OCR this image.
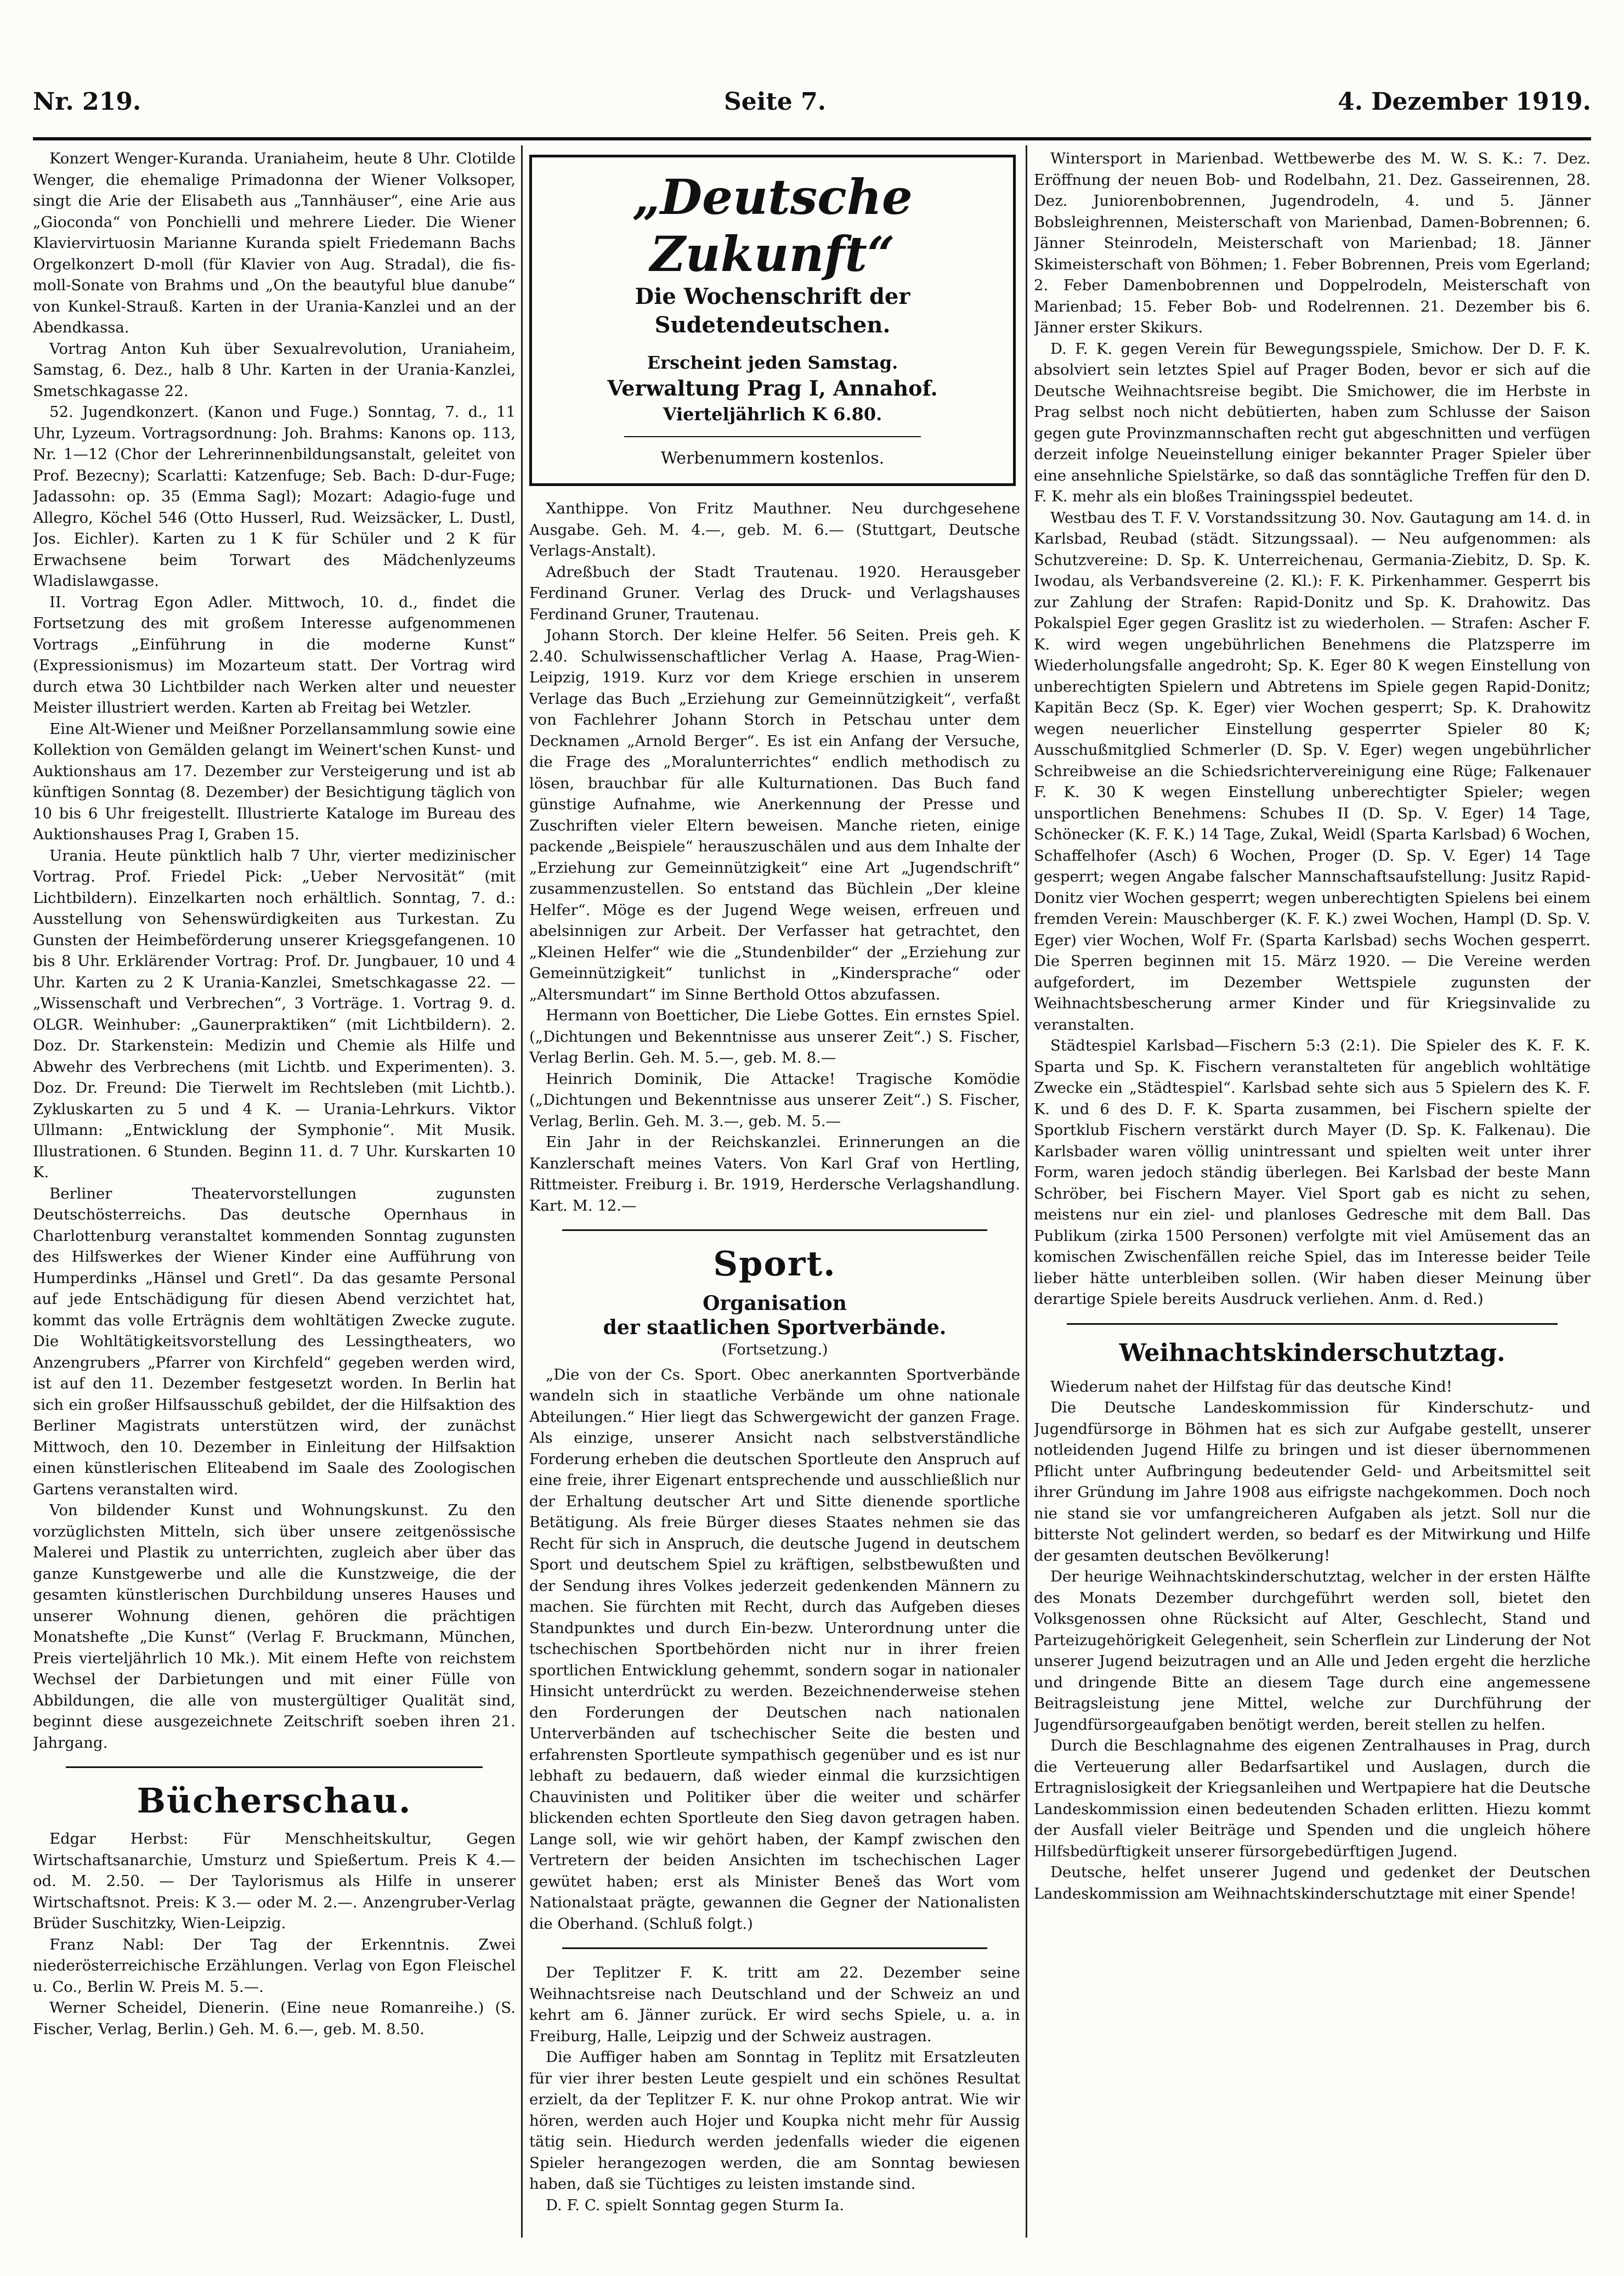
Nr. 219.	Seite 7.	4. Dezember 1919.

Konzert Wenger-Kuranda. Uraniaheim, heute 8 Uhr. Clotilde Wenger, die ehemalige Primadonna der Wiener Volksoper, singt die Arie der Elisabeth aus „Tannhäuser“, eine Arie aus „Gioconda“ von Ponchielli und mehrere Lieder. Die Wiener Klaviervirtuosin Marianne Kuranda spielt Friedemann Bachs Orgelkonzert D-moll (für Klavier von Aug. Stradal), die fis-moll-Sonate von Brahms und „On the beautyful blue danube“ von Kunkel-Strauß. Karten in der Urania-Kanzlei und an der Abendkassa.

Vortrag Anton Kuh über Sexualrevolution, Uraniaheim, Samstag, 6. Dez., halb 8 Uhr. Karten in der Urania-Kanzlei, Smetschkagasse 22.

52. Jugendkonzert. (Kanon und Fuge.) Sonntag, 7. d., 11 Uhr, Lyzeum. Vortragsordnung: Joh. Brahms: Kanons op. 113, Nr. 1—12 (Chor der Lehrerinnenbildungsanstalt, geleitet von Prof. Bezecny); Scarlatti: Katzenfuge; Seb. Bach: D-dur-Fuge; Jadassohn: op. 35 (Emma Sagl); Mozart: Adagio-fuge und Allegro, Köchel 546 (Otto Husserl, Rud. Weizsäcker, L. Dustl, Jos. Eichler). Karten zu 1 K für Schüler und 2 K für Erwachsene beim Torwart des Mädchenlyzeums Wladislawgasse.

II. Vortrag Egon Adler. Mittwoch, 10. d., findet die Fortsetzung des mit großem Interesse aufgenommenen Vortrags „Einführung in die moderne Kunst“ (Expressionismus) im Mozarteum statt. Der Vortrag wird durch etwa 30 Lichtbilder nach Werken alter und neuester Meister illustriert werden. Karten ab Freitag bei Wetzler.

Eine Alt-Wiener und Meißner Porzellansammlung sowie eine Kollektion von Gemälden gelangt im Weinert'schen Kunst- und Auktionshaus am 17. Dezember zur Versteigerung und ist ab künftigen Sonntag (8. Dezember) der Besichtigung täglich von 10 bis 6 Uhr freigestellt. Illustrierte Kataloge im Bureau des Auktionshauses Prag I, Graben 15.

Urania. Heute pünktlich halb 7 Uhr, vierter medizinischer Vortrag. Prof. Friedel Pick: „Ueber Nervosität“ (mit Lichtbildern). Einzelkarten noch erhältlich. Sonntag, 7. d.: Ausstellung von Sehenswürdigkeiten aus Turkestan. Zu Gunsten der Heimbeförderung unserer Kriegsgefangenen. 10 bis 8 Uhr. Erklärender Vortrag: Prof. Dr. Jungbauer, 10 und 4 Uhr. Karten zu 2 K Urania-Kanzlei, Smetschkagasse 22. — „Wissenschaft und Verbrechen“, 3 Vorträge. 1. Vortrag 9. d. OLGR. Weinhuber: „Gaunerpraktiken“ (mit Lichtbildern). 2. Doz. Dr. Starkenstein: Medizin und Chemie als Hilfe und Abwehr des Verbrechens (mit Lichtb. und Experimenten). 3. Doz. Dr. Freund: Die Tierwelt im Rechtsleben (mit Lichtb.). Zykluskarten zu 5 und 4 K. — Urania-Lehrkurs. Viktor Ullmann: „Entwicklung der Symphonie“. Mit Musik. Illustrationen. 6 Stunden. Beginn 11. d. 7 Uhr. Kurskarten 10 K.

Berliner Theatervorstellungen zugunsten Deutschösterreichs. Das deutsche Opernhaus in Charlottenburg veranstaltet kommenden Sonntag zugunsten des Hilfswerkes der Wiener Kinder eine Aufführung von Humperdinks „Hänsel und Gretl“. Da das gesamte Personal auf jede Entschädigung für diesen Abend verzichtet hat, kommt das volle Erträgnis dem wohltätigen Zwecke zugute. Die Wohltätigkeitsvorstellung des Lessingtheaters, wo Anzengrubers „Pfarrer von Kirchfeld“ gegeben werden wird, ist auf den 11. Dezember festgesetzt worden. In Berlin hat sich ein großer Hilfsausschuß gebildet, der die Hilfsaktion des Berliner Magistrats unterstützen wird, der zunächst Mittwoch, den 10. Dezember in Einleitung der Hilfsaktion einen künstlerischen Eliteabend im Saale des Zoologischen Gartens veranstalten wird.

Von bildender Kunst und Wohnungskunst. Zu den vorzüglichsten Mitteln, sich über unsere zeitgenössische Malerei und Plastik zu unterrichten, zugleich aber über das ganze Kunstgewerbe und alle die Kunstzweige, die der gesamten künstlerischen Durchbildung unseres Hauses und unserer Wohnung dienen, gehören die prächtigen Monatshefte „Die Kunst“ (Verlag F. Bruckmann, München, Preis vierteljährlich 10 Mk.). Mit einem Hefte von reichstem Wechsel der Darbietungen und mit einer Fülle von Abbildungen, die alle von mustergültiger Qualität sind, beginnt diese ausgezeichnete Zeitschrift soeben ihren 21. Jahrgang.

Bücherschau.

Edgar Herbst: Für Menschheitskultur, Gegen Wirtschaftsanarchie, Umsturz und Spießertum. Preis K 4.— od. M. 2.50. — Der Taylorismus als Hilfe in unserer Wirtschaftsnot. Preis: K 3.— oder M. 2.—. Anzengruber-Verlag Brüder Suschitzky, Wien-Leipzig.

Franz Nabl: Der Tag der Erkenntnis. Zwei niederösterreichische Erzählungen. Verlag von Egon Fleischel u. Co., Berlin W. Preis M. 5.—.

Werner Scheidel, Dienerin. (Eine neue Romanreihe.) (S. Fischer, Verlag, Berlin.) Geh. M. 6.—, geb. M. 8.50.

„Deutsche Zukunft“
Die Wochenschrift der Sudetendeutschen.
Erscheint jeden Samstag.
Verwaltung Prag I, Annahof.
Vierteljährlich K 6.80.
Werbenummern kostenlos.

Xanthippe. Von Fritz Mauthner. Neu durchgesehene Ausgabe. Geh. M. 4.—, geb. M. 6.— (Stuttgart, Deutsche Verlags-Anstalt).

Adreßbuch der Stadt Trautenau. 1920. Herausgeber Ferdinand Gruner. Verlag des Druck- und Verlagshauses Ferdinand Gruner, Trautenau.

Johann Storch. Der kleine Helfer. 56 Seiten. Preis geh. K 2.40. Schulwissenschaftlicher Verlag A. Haase, Prag-Wien-Leipzig, 1919. Kurz vor dem Kriege erschien in unserem Verlage das Buch „Erziehung zur Gemeinnützigkeit“, verfaßt von Fachlehrer Johann Storch in Petschau unter dem Decknamen „Arnold Berger“. Es ist ein Anfang der Versuche, die Frage des „Moralunterrichtes“ endlich methodisch zu lösen, brauchbar für alle Kulturnationen. Das Buch fand günstige Aufnahme, wie Anerkennung der Presse und Zuschriften vieler Eltern beweisen. Manche rieten, einige packende „Beispiele“ herauszuschälen und aus dem Inhalte der „Erziehung zur Gemeinnützigkeit“ eine Art „Jugendschrift“ zusammenzustellen. So entstand das Büchlein „Der kleine Helfer“. Möge es der Jugend Wege weisen, erfreuen und abelsinnigen zur Arbeit. Der Verfasser hat getrachtet, den „Kleinen Helfer“ wie die „Stundenbilder“ der „Erziehung zur Gemeinnützigkeit“ tunlichst in „Kindersprache“ oder „Altersmundart“ im Sinne Berthold Ottos abzufassen.

Hermann von Boetticher, Die Liebe Gottes. Ein ernstes Spiel. („Dichtungen und Bekenntnisse aus unserer Zeit“.) S. Fischer, Verlag Berlin. Geh. M. 5.—, geb. M. 8.—

Heinrich Dominik, Die Attacke! Tragische Komödie („Dichtungen und Bekenntnisse aus unserer Zeit“.) S. Fischer, Verlag, Berlin. Geh. M. 3.—, geb. M. 5.—

Ein Jahr in der Reichskanzlei. Erinnerungen an die Kanzlerschaft meines Vaters. Von Karl Graf von Hertling, Rittmeister. Freiburg i. Br. 1919, Herdersche Verlagshandlung. Kart. M. 12.—

Sport.
Organisation
der staatlichen Sportverbände.
(Fortsetzung.)

„Die von der Cs. Sport. Obec anerkannten Sportverbände wandeln sich in staatliche Verbände um ohne nationale Abteilungen.“ Hier liegt das Schwergewicht der ganzen Frage. Als einzige, unserer Ansicht nach selbstverständliche Forderung erheben die deutschen Sportleute den Anspruch auf eine freie, ihrer Eigenart entsprechende und ausschließlich nur der Erhaltung deutscher Art und Sitte dienende sportliche Betätigung. Als freie Bürger dieses Staates nehmen sie das Recht für sich in Anspruch, die deutsche Jugend in deutschem Sport und deutschem Spiel zu kräftigen, selbstbewußten und der Sendung ihres Volkes jederzeit gedenkenden Männern zu machen. Sie fürchten mit Recht, durch das Aufgeben dieses Standpunktes und durch Ein-bezw. Unterordnung unter die tschechischen Sportbehörden nicht nur in ihrer freien sportlichen Entwicklung gehemmt, sondern sogar in nationaler Hinsicht unterdrückt zu werden. Bezeichnenderweise stehen den Forderungen der Deutschen nach nationalen Unterverbänden auf tschechischer Seite die besten und erfahrensten Sportleute sympathisch gegenüber und es ist nur lebhaft zu bedauern, daß wieder einmal die kurzsichtigen Chauvinisten und Politiker über die weiter und schärfer blickenden echten Sportleute den Sieg davon getragen haben. Lange soll, wie wir gehört haben, der Kampf zwischen den Vertretern der beiden Ansichten im tschechischen Lager gewütet haben; erst als Minister Beneš das Wort vom Nationalstaat prägte, gewannen die Gegner der Nationalisten die Oberhand. (Schluß folgt.)

Der Teplitzer F. K. tritt am 22. Dezember seine Weihnachtsreise nach Deutschland und der Schweiz an und kehrt am 6. Jänner zurück. Er wird sechs Spiele, u. a. in Freiburg, Halle, Leipzig und der Schweiz austragen.

Die Auffiger haben am Sonntag in Teplitz mit Ersatzleuten für vier ihrer besten Leute gespielt und ein schönes Resultat erzielt, da der Teplitzer F. K. nur ohne Prokop antrat. Wie wir hören, werden auch Hojer und Koupka nicht mehr für Aussig tätig sein. Hiedurch werden jedenfalls wieder die eigenen Spieler herangezogen werden, die am Sonntag bewiesen haben, daß sie Tüchtiges zu leisten imstande sind.

D. F. C. spielt Sonntag gegen Sturm Ia.

Wintersport in Marienbad. Wettbewerbe des M. W. S. K.: 7. Dez. Eröffnung der neuen Bob- und Rodelbahn, 21. Dez. Gasseirennen, 28. Dez. Juniorenbobrennen, Jugendrodeln, 4. und 5. Jänner Bobsleighrennen, Meisterschaft von Marienbad, Damen-Bobrennen; 6. Jänner Steinrodeln, Meisterschaft von Marienbad; 18. Jänner Skimeisterschaft von Böhmen; 1. Feber Bobrennen, Preis vom Egerland; 2. Feber Damenbobrennen und Doppelrodeln, Meisterschaft von Marienbad; 15. Feber Bob- und Rodelrennen. 21. Dezember bis 6. Jänner erster Skikurs.

D. F. K. gegen Verein für Bewegungsspiele, Smichow. Der D. F. K. absolviert sein letztes Spiel auf Prager Boden, bevor er sich auf die Deutsche Weihnachtsreise begibt. Die Smichower, die im Herbste in Prag selbst noch nicht debütierten, haben zum Schlusse der Saison gegen gute Provinzmannschaften recht gut abgeschnitten und verfügen derzeit infolge Neueinstellung einiger bekannter Prager Spieler über eine ansehnliche Spielstärke, so daß das sonntägliche Treffen für den D. F. K. mehr als ein bloßes Trainingsspiel bedeutet.

Westbau des T. F. V. Vorstandssitzung 30. Nov. Gautagung am 14. d. in Karlsbad, Reubad (städt. Sitzungssaal). — Neu aufgenommen: als Schutzvereine: D. Sp. K. Unterreichenau, Germania-Ziebitz, D. Sp. K. Iwodau, als Verbandsvereine (2. Kl.): F. K. Pirkenhammer. Gesperrt bis zur Zahlung der Strafen: Rapid-Donitz und Sp. K. Drahowitz. Das Pokalspiel Eger gegen Graslitz ist zu wiederholen. — Strafen: Ascher F. K. wird wegen ungebührlichen Benehmens die Platzsperre im Wiederholungsfalle angedroht; Sp. K. Eger 80 K wegen Einstellung von unberechtigten Spielern und Abtretens im Spiele gegen Rapid-Donitz; Kapitän Becz (Sp. K. Eger) vier Wochen gesperrt; Sp. K. Drahowitz wegen neuerlicher Einstellung gesperrter Spieler 80 K; Ausschußmitglied Schmerler (D. Sp. V. Eger) wegen ungebührlicher Schreibweise an die Schiedsrichtervereinigung eine Rüge; Falkenauer F. K. 30 K wegen Einstellung unberechtigter Spieler; wegen unsportlichen Benehmens: Schubes II (D. Sp. V. Eger) 14 Tage, Schönecker (K. F. K.) 14 Tage, Zukal, Weidl (Sparta Karlsbad) 6 Wochen, Schaffelhofer (Asch) 6 Wochen, Proger (D. Sp. V. Eger) 14 Tage gesperrt; wegen Angabe falscher Mannschaftsaufstellung: Jusitz Rapid-Donitz vier Wochen gesperrt; wegen unberechtigten Spielens bei einem fremden Verein: Mauschberger (K. F. K.) zwei Wochen, Hampl (D. Sp. V. Eger) vier Wochen, Wolf Fr. (Sparta Karlsbad) sechs Wochen gesperrt. Die Sperren beginnen mit 15. März 1920. — Die Vereine werden aufgefordert, im Dezember Wettspiele zugunsten der Weihnachtsbescherung armer Kinder und für Kriegsinvalide zu veranstalten.

Städtespiel Karlsbad—Fischern 5:3 (2:1). Die Spieler des K. F. K. Sparta und Sp. K. Fischern veranstalteten für angeblich wohltätige Zwecke ein „Städtespiel“. Karlsbad sehte sich aus 5 Spielern des K. F. K. und 6 des D. F. K. Sparta zusammen, bei Fischern spielte der Sportklub Fischern verstärkt durch Mayer (D. Sp. K. Falkenau). Die Karlsbader waren völlig unintressant und spielten weit unter ihrer Form, waren jedoch ständig überlegen. Bei Karlsbad der beste Mann Schröber, bei Fischern Mayer. Viel Sport gab es nicht zu sehen, meistens nur ein ziel- und planloses Gedresche mit dem Ball. Das Publikum (zirka 1500 Personen) verfolgte mit viel Amüsement das an komischen Zwischenfällen reiche Spiel, das im Interesse beider Teile lieber hätte unterbleiben sollen. (Wir haben dieser Meinung über derartige Spiele bereits Ausdruck verliehen. Anm. d. Red.)

Weihnachtskinderschutztag.

Wiederum nahet der Hilfstag für das deutsche Kind!

Die Deutsche Landeskommission für Kinderschutz- und Jugendfürsorge in Böhmen hat es sich zur Aufgabe gestellt, unserer notleidenden Jugend Hilfe zu bringen und ist dieser übernommenen Pflicht unter Aufbringung bedeutender Geld- und Arbeitsmittel seit ihrer Gründung im Jahre 1908 aus eifrigste nachgekommen. Doch noch nie stand sie vor umfangreicheren Aufgaben als jetzt. Soll nur die bitterste Not gelindert werden, so bedarf es der Mitwirkung und Hilfe der gesamten deutschen Bevölkerung!

Der heurige Weihnachtskinderschutztag, welcher in der ersten Hälfte des Monats Dezember durchgeführt werden soll, bietet den Volksgenossen ohne Rücksicht auf Alter, Geschlecht, Stand und Parteizugehörigkeit Gelegenheit, sein Scherflein zur Linderung der Not unserer Jugend beizutragen und an Alle und Jeden ergeht die herzliche und dringende Bitte an diesem Tage durch eine angemessene Beitragsleistung jene Mittel, welche zur Durchführung der Jugendfürsorgeaufgaben benötigt werden, bereit stellen zu helfen.

Durch die Beschlagnahme des eigenen Zentralhauses in Prag, durch die Verteuerung aller Bedarfsartikel und Auslagen, durch die Ertragnislosigkeit der Kriegsanleihen und Wertpapiere hat die Deutsche Landeskommission einen bedeutenden Schaden erlitten. Hiezu kommt der Ausfall vieler Beiträge und Spenden und die ungleich höhere Hilfsbedürftigkeit unserer fürsorgebedürftigen Jugend.

Deutsche, helfet unserer Jugend und gedenket der Deutschen Landeskommission am Weihnachtskinderschutztage mit einer Spende!
